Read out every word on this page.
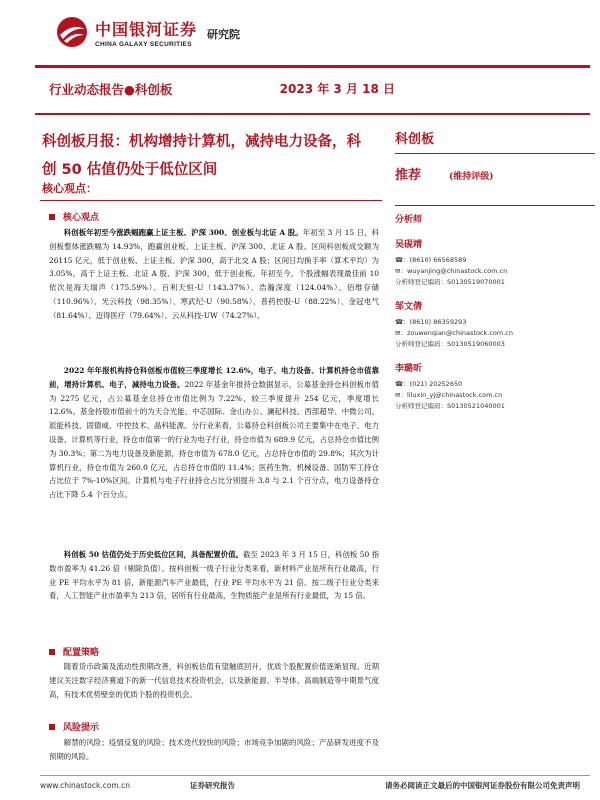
中国银河证券
CHINA GALAXY SECURITIES
研究院
行业动态报告●科创板	2023 年 3 月 18 日
科创板月报：机构增持计算机，减持电力设备，科创 50 估值仍处于低位区间
核心观点：
科创板
推荐	(维持评级)
分析师
吴砚靖
☎：(8610) 66568589
✉：wuyanjing@chinastock.com.cn
分析师登记编码：S0130519070001
邹文倩
☎：(8610) 86359293
✉：zouwenqian@chinastock.com.cn
分析师登记编码：S0130519060003
李璐昕
☎：(021) 20252650
✉：liluxin_yj@chinastock.com.cn
分析师登记编码：S0130521040001
核心观点
科创板年初至今涨跌幅跑赢上证主板、沪深 300、创业板与北证 A 股。年初至 3 月 15 日，科创板整体涨跌幅为 14.93%，跑赢创业板、上证主板、沪深 300、北证 A 股。区间科创板成交额为 26115 亿元，低于创业板、上证主板、沪深 300，高于北交 A 股；区间日均换手率（算术平均）为 3.05%，高于上证主板、北证 A 股、沪深 300，低于创业板。年初至今，个股涨幅表现最佳前 10 依次是海天瑞声（175.59%）、百利天恒-U（143.37%）、浩瀚深度（124.04%）、佰维存储（110.96%）、光云科技（98.35%）、寒武纪-U（90.58%）、普药控股-U（88.22%）、金冠电气（81.64%）、迈得医疗（79.64%）、云从科技-UW（74.27%）。
2022 年年报机构持仓科创板市值较三季度增长 12.6%，电子、电力设备、计算机持仓市值靠前，增持计算机、电子，减持电力设备。2022 年基金年报持仓数据显示，公募基金持仓科创板市值为 2275 亿元，占公募基金总持仓市值比例为 7.22%，较三季度提升 254 亿元，季度增长 12.6%。基金持股市值前十的为天合光能、中芯国际、金山办公、澜起科技、西部超导、中微公司、派能科技、固德威、中控技术、晶科能源。分行业来看，公募持仓科创板公司主要集中在电子、电力设备、计算机等行业，持仓市值第一的行业为电子行业，持仓市值为 689.9 亿元，占总持仓市值比例为 30.3%；第二为电力设备及新能源，持仓市值为 678.0 亿元，占总持仓市值的 29.8%；其次为计算机行业，持仓市值为 260.0 亿元，占总持仓市值的 11.4%；医药生物、机械设备、国防军工持仓占比位于 7%-10%区间。计算机与电子行业持仓占比分别提升 3.8 与 2.1 个百分点，电力设备持仓占比下降 5.4 个百分点。
科创板 50 估值仍处于历史低位区间，具备配置价值。截至 2023 年 3 月 15 日，科创板 50 指数市盈率为 41.26 倍（剔除负值）。按科创板一级子行业分类来看，新材料产业是所有行业最高，行业 PE 平均水平为 81 倍，新能源汽车产业最低，行业 PE 平均水平为 21 倍。按二级子行业分类来看，人工智能产业市盈率为 213 倍，居所有行业最高，生物质能产业是所有行业最低，为 15 倍。
配置策略
随着货币政策及流动性预期改善，科创板估值有望触底回升，优质个股配置价值逐渐显现。近期建议关注数字经济赛道下的新一代信息技术投资机会，以及新能源、半导体、高端制造等中期景气度高，有技术优势壁垒的优质个股的投资机会。
风险提示
解禁的风险；疫情反复的风险；技术迭代较快的风险；市场竞争加剧的风险；产品研发进度不及预期的风险。
www.chinastock.com.cn	证券研究报告	请务必阅读正文最后的中国银河证券股份有限公司免责声明
